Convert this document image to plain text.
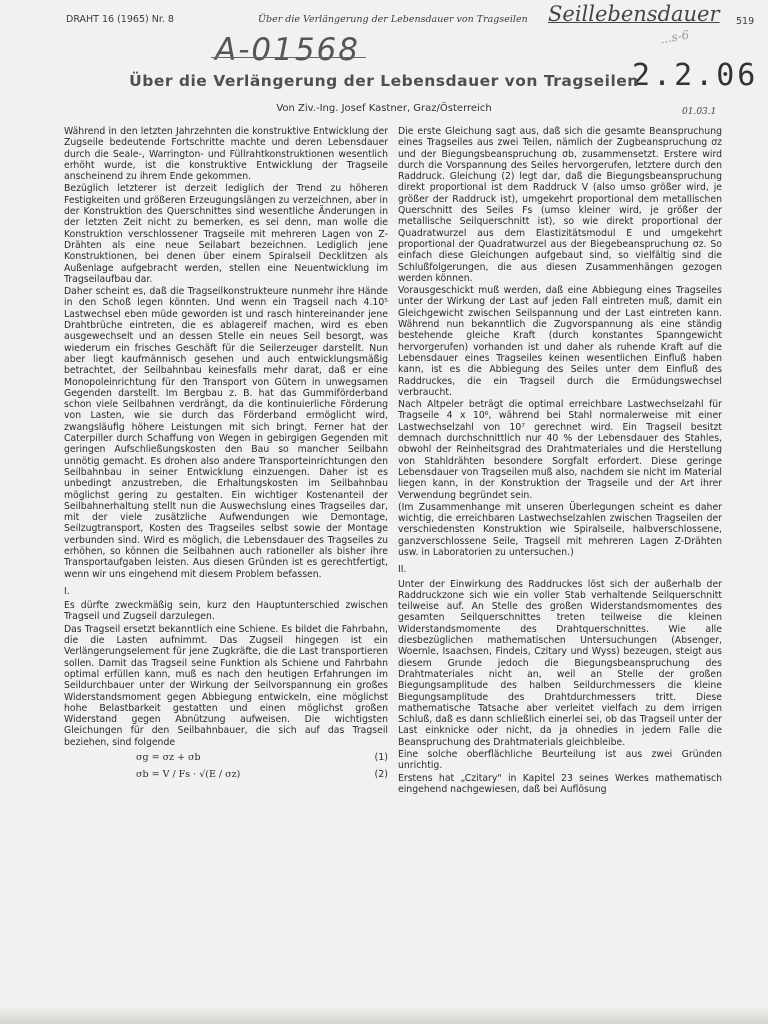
DRAHT 16 (1965) Nr. 8	Über die Verlängerung der Lebensdauer von Tragseilen Seillebensdauer 519
A-01568	...s-6
2.2.06
Über die Verlängerung der Lebensdauer von Tragseilen
Von Ziv.-Ing. Josef Kastner, Graz/Österreich	01.03.1

Während in den letzten Jahrzehnten die konstruktive Entwicklung der Zugseile bedeutende Fortschritte machte und deren Lebensdauer durch die Seale-, Warrington- und Füllrahtkonstruktionen wesentlich erhöht wurde, ist die konstruktive Entwicklung der Tragseile anscheinend zu ihrem Ende gekommen.

Bezüglich letzterer ist derzeit lediglich der Trend zu höheren Festigkeiten und größeren Erzeugungslängen zu verzeichnen, aber in der Konstruktion des Querschnittes sind wesentliche Änderungen in der letzten Zeit nicht zu bemerken, es sei denn, man wolle die Konstruktion verschlossener Tragseile mit mehreren Lagen von Z-Drähten als eine neue Seilabart bezeichnen. Lediglich jene Konstruktionen, bei denen über einem Spiralseil Decklitzen als Außenlage aufgebracht werden, stellen eine Neuentwicklung im Tragseilaufbau dar.

Daher scheint es, daß die Tragseilkonstrukteure nunmehr ihre Hände in den Schoß legen könnten. Und wenn ein Tragseil nach 4.10⁵ Lastwechsel eben müde geworden ist und rasch hintereinander jene Drahtbrüche eintreten, die es ablagereif machen, wird es eben ausgewechselt und an dessen Stelle ein neues Seil besorgt, was wiederum ein frisches Geschäft für die Seilerzeuger darstellt. Nun aber liegt kaufmännisch gesehen und auch entwicklungsmäßig betrachtet, der Seilbahnbau keinesfalls mehr darat, daß er eine Monopoleinrichtung für den Transport von Gütern in unwegsamen Gegenden darstellt. Im Bergbau z. B. hat das Gummiförderband schon viele Seilbahnen verdrängt, da die kontinuierliche Förderung von Lasten, wie sie durch das Förderband ermöglicht wird, zwangsläufig höhere Leistungen mit sich bringt. Ferner hat der Caterpiller durch Schaffung von Wegen in gebirgigen Gegenden mit geringen Aufschließungskosten den Bau so mancher Seilbahn unnötig gemacht. Es drohen also andere Transporteinrichtungen den Seilbahnbau in seiner Entwicklung einzuengen. Daher ist es unbedingt anzustreben, die Erhaltungskosten im Seilbahnbau möglichst gering zu gestalten. Ein wichtiger Kostenanteil der Seilbahnerhaltung stellt nun die Auswechslung eines Tragseiles dar, mit der viele zusätzliche Aufwendungen wie Demontage, Seilzugtransport, Kosten des Tragseiles selbst sowie der Montage verbunden sind. Wird es möglich, die Lebensdauer des Tragseiles zu erhöhen, so können die Seilbahnen auch rationeller als bisher ihre Transportaufgaben leisten. Aus diesen Gründen ist es gerechtfertigt, wenn wir uns eingehend mit diesem Problem befassen.

I.

Es dürfte zweckmäßig sein, kurz den Hauptunterschied zwischen Tragseil und Zugseil darzulegen.

Das Tragseil ersetzt bekanntlich eine Schiene. Es bildet die Fahrbahn, die die Lasten aufnimmt. Das Zugseil hingegen ist ein Verlängerungselement für jene Zugkräfte, die die Last transportieren sollen. Damit das Tragseil seine Funktion als Schiene und Fahrbahn optimal erfüllen kann, muß es nach den heutigen Erfahrungen im Seildurchbauer unter der Wirkung der Seilvorspannung ein großes Widerstandsmoment gegen Abbiegung entwickeln, eine möglichst hohe Belastbarkeit gestatten und einen möglichst großen Widerstand gegen Abnützung aufweisen. Die wichtigsten Gleichungen für den Seilbahnbauer, die sich auf das Tragseil beziehen, sind folgende

σg = σz + σb	(1)
σb = V / Fs · √(E / σz)	(2)

Die erste Gleichung sagt aus, daß sich die gesamte Beanspruchung eines Tragseiles aus zwei Teilen, nämlich der Zugbeanspruchung σz und der Biegungsbeanspruchung σb, zusammensetzt. Erstere wird durch die Vorspannung des Seiles hervorgerufen, letztere durch den Raddruck. Gleichung (2) legt dar, daß die Biegungsbeanspruchung direkt proportional ist dem Raddruck V (also umso größer wird, je größer der Raddruck ist), umgekehrt proportional dem metallischen Querschnitt des Seiles Fs (umso kleiner wird, je größer der metallische Seilquerschnitt ist), so wie direkt proportional der Quadratwurzel aus dem Elastizitätsmodul E und umgekehrt proportional der Quadratwurzel aus der Biegebeanspruchung σz. So einfach diese Gleichungen aufgebaut sind, so vielfältig sind die Schlußfolgerungen, die aus diesen Zusammenhängen gezogen werden können.

Vorausgeschickt muß werden, daß eine Abbiegung eines Tragseiles unter der Wirkung der Last auf jeden Fall eintreten muß, damit ein Gleichgewicht zwischen Seilspannung und der Last eintreten kann. Während nun bekanntlich die Zugvorspannung als eine ständig bestehende gleiche Kraft (durch konstantes Spanngewicht hervorgerufen) vorhanden ist und daher als ruhende Kraft auf die Lebensdauer eines Tragseiles keinen wesentlichen Einfluß haben kann, ist es die Abbiegung des Seiles unter dem Einfluß des Raddruckes, die ein Tragseil durch die Ermüdungswechsel verbraucht.

Nach Altpeler beträgt die optimal erreichbare Lastwechselzahl für Tragseile 4 x 10⁶, während bei Stahl normalerweise mit einer Lastwechselzahl von 10⁷ gerechnet wird. Ein Tragseil besitzt demnach durchschnittlich nur 40 % der Lebensdauer des Stahles, obwohl der Reinheitsgrad des Drahtmateriales und die Herstellung von Stahldrähten besondere Sorgfalt erfordert. Diese geringe Lebensdauer von Tragseilen muß also, nachdem sie nicht im Material liegen kann, in der Konstruktion der Tragseile und der Art ihrer Verwendung begründet sein.

(Im Zusammenhange mit unseren Überlegungen scheint es daher wichtig, die erreichbaren Lastwechselzahlen zwischen Tragseilen der verschiedensten Konstruktion wie Spiralseile, halbverschlossene, ganzverschlossene Seile, Tragseil mit mehreren Lagen Z-Drähten usw. in Laboratorien zu untersuchen.)

II.

Unter der Einwirkung des Raddruckes löst sich der außerhalb der Raddruckzone sich wie ein voller Stab verhaltende Seilquerschnitt teilweise auf. An Stelle des großen Widerstandsmomentes des gesamten Seilquerschnittes treten teilweise die kleinen Widerstandsmomente des Drahtquerschnittes. Wie alle diesbezüglichen mathematischen Untersuchungen (Absenger, Woernle, Isaachsen, Findeis, Czitary und Wyss) bezeugen, steigt aus diesem Grunde jedoch die Biegungsbeanspruchung des Drahtmateriales nicht an, weil an Stelle der großen Biegungsamplitude des halben Seildurchmessers die kleine Biegungsamplitude des Drahtdurchmessers tritt. Diese mathematische Tatsache aber verleitet vielfach zu dem irrigen Schluß, daß es dann schließlich einerlei sei, ob das Tragseil unter der Last einknicke oder nicht, da ja ohnedies in jedem Falle die Beanspruchung des Drahtmaterials gleichbleibe.

Eine solche oberflächliche Beurteilung ist aus zwei Gründen unrichtig.

Erstens hat „Czitary" in Kapitel 23 seines Werkes mathematisch eingehend nachgewiesen, daß bei Auflösung
